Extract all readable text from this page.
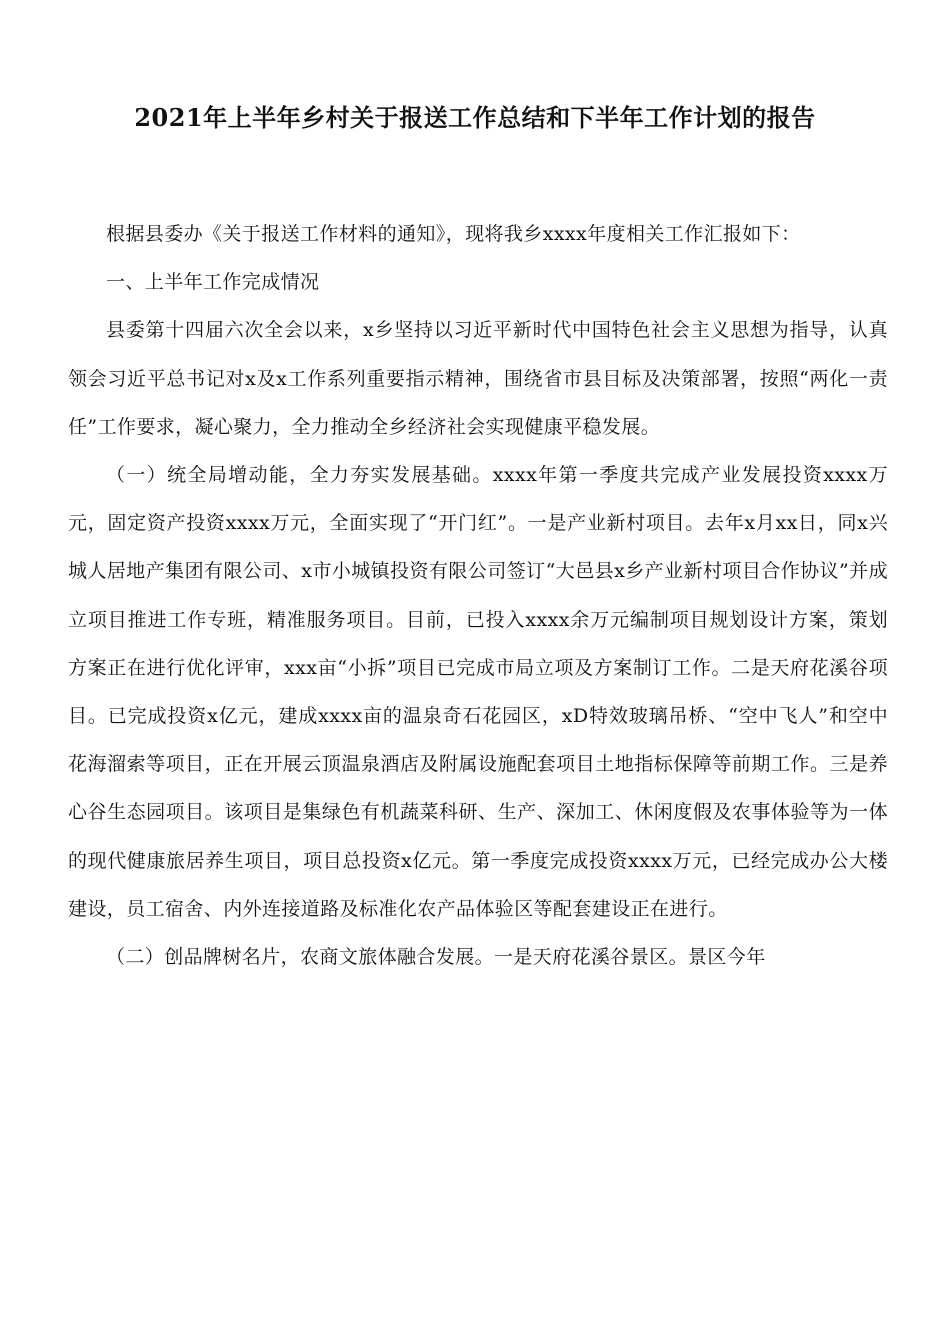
2021年上半年乡村关于报送工作总结和下半年工作计划的报告

根据县委办《关于报送工作材料的通知》，现将我乡xxxx年度相关工作汇报如下：

一、上半年工作完成情况

县委第十四届六次全会以来，x乡坚持以习近平新时代中国特色社会主义思想为指导，认真领会习近平总书记对x及x工作系列重要指示精神，围绕省市县目标及决策部署，按照“两化一责任”工作要求，凝心聚力，全力推动全乡经济社会实现健康平稳发展。

（一）统全局增动能，全力夯实发展基础。xxxx年第一季度共完成产业发展投资xxxx万元，固定资产投资xxxx万元，全面实现了“开门红”。一是产业新村项目。去年x月xx日，同x兴城人居地产集团有限公司、x市小城镇投资有限公司签订“大邑县x乡产业新村项目合作协议”并成立项目推进工作专班，精准服务项目。目前，已投入xxxx余万元编制项目规划设计方案，策划方案正在进行优化评审，xxx亩“小拆”项目已完成市局立项及方案制订工作。二是天府花溪谷项目。已完成投资x亿元，建成xxxx亩的温泉奇石花园区，xD特效玻璃吊桥、“空中飞人”和空中花海溜索等项目，正在开展云顶温泉酒店及附属设施配套项目土地指标保障等前期工作。三是养心谷生态园项目。该项目是集绿色有机蔬菜科研、生产、深加工、休闲度假及农事体验等为一体的现代健康旅居养生项目，项目总投资x亿元。第一季度完成投资xxxx万元，已经完成办公大楼建设，员工宿舍、内外连接道路及标准化农产品体验区等配套建设正在进行。

（二）创品牌树名片，农商文旅体融合发展。一是天府花溪谷景区。景区今年
